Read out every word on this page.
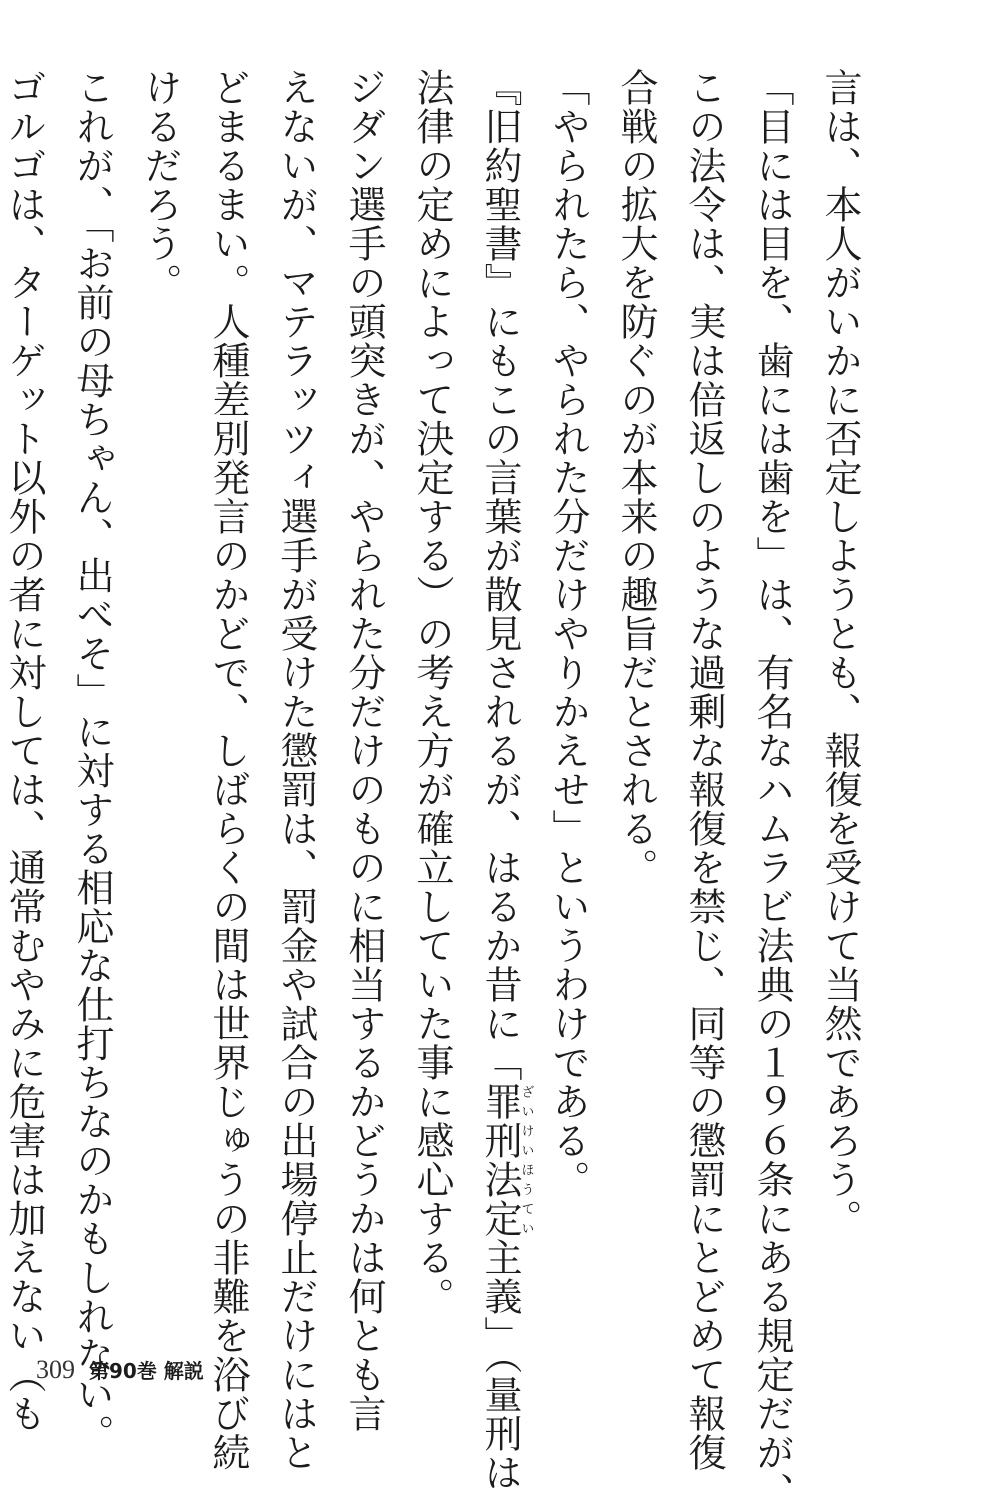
言は、本人がいかに否定しようとも、報復を受けて当然であろう。

「目には目を、歯には歯を」は、有名なハムラビ法典の１９６条にある規定だが、

この法令は、実は倍返しのような過剰な報復を禁じ、同等の懲罰にとどめて報復

合戦の拡大を防ぐのが本来の趣旨だとされる。

「やられたら、やられた分だけやりかえせ」というわけである。

『旧約聖書』にもこの言葉が散見されるが、はるか昔に「罪ざい刑けい法ほう定てい主義」（量刑は

法律の定めによって決定する）の考え方が確立していた事に感心する。

ジダン選手の頭突きが、やられた分だけのものに相当するかどうかは何とも言

えないが、マテラッツィ選手が受けた懲罰は、罰金や試合の出場停止だけにはと

どまるまい。人種差別発言のかどで、しばらくの間は世界じゅうの非難を浴び続

けるだろう。

これが、「お前の母ちゃん、出べそ」に対する相応な仕打ちなのかもしれない。

ゴルゴは、ターゲット以外の者に対しては、通常むやみに危害は加えない（も

309 第90巻 解説
